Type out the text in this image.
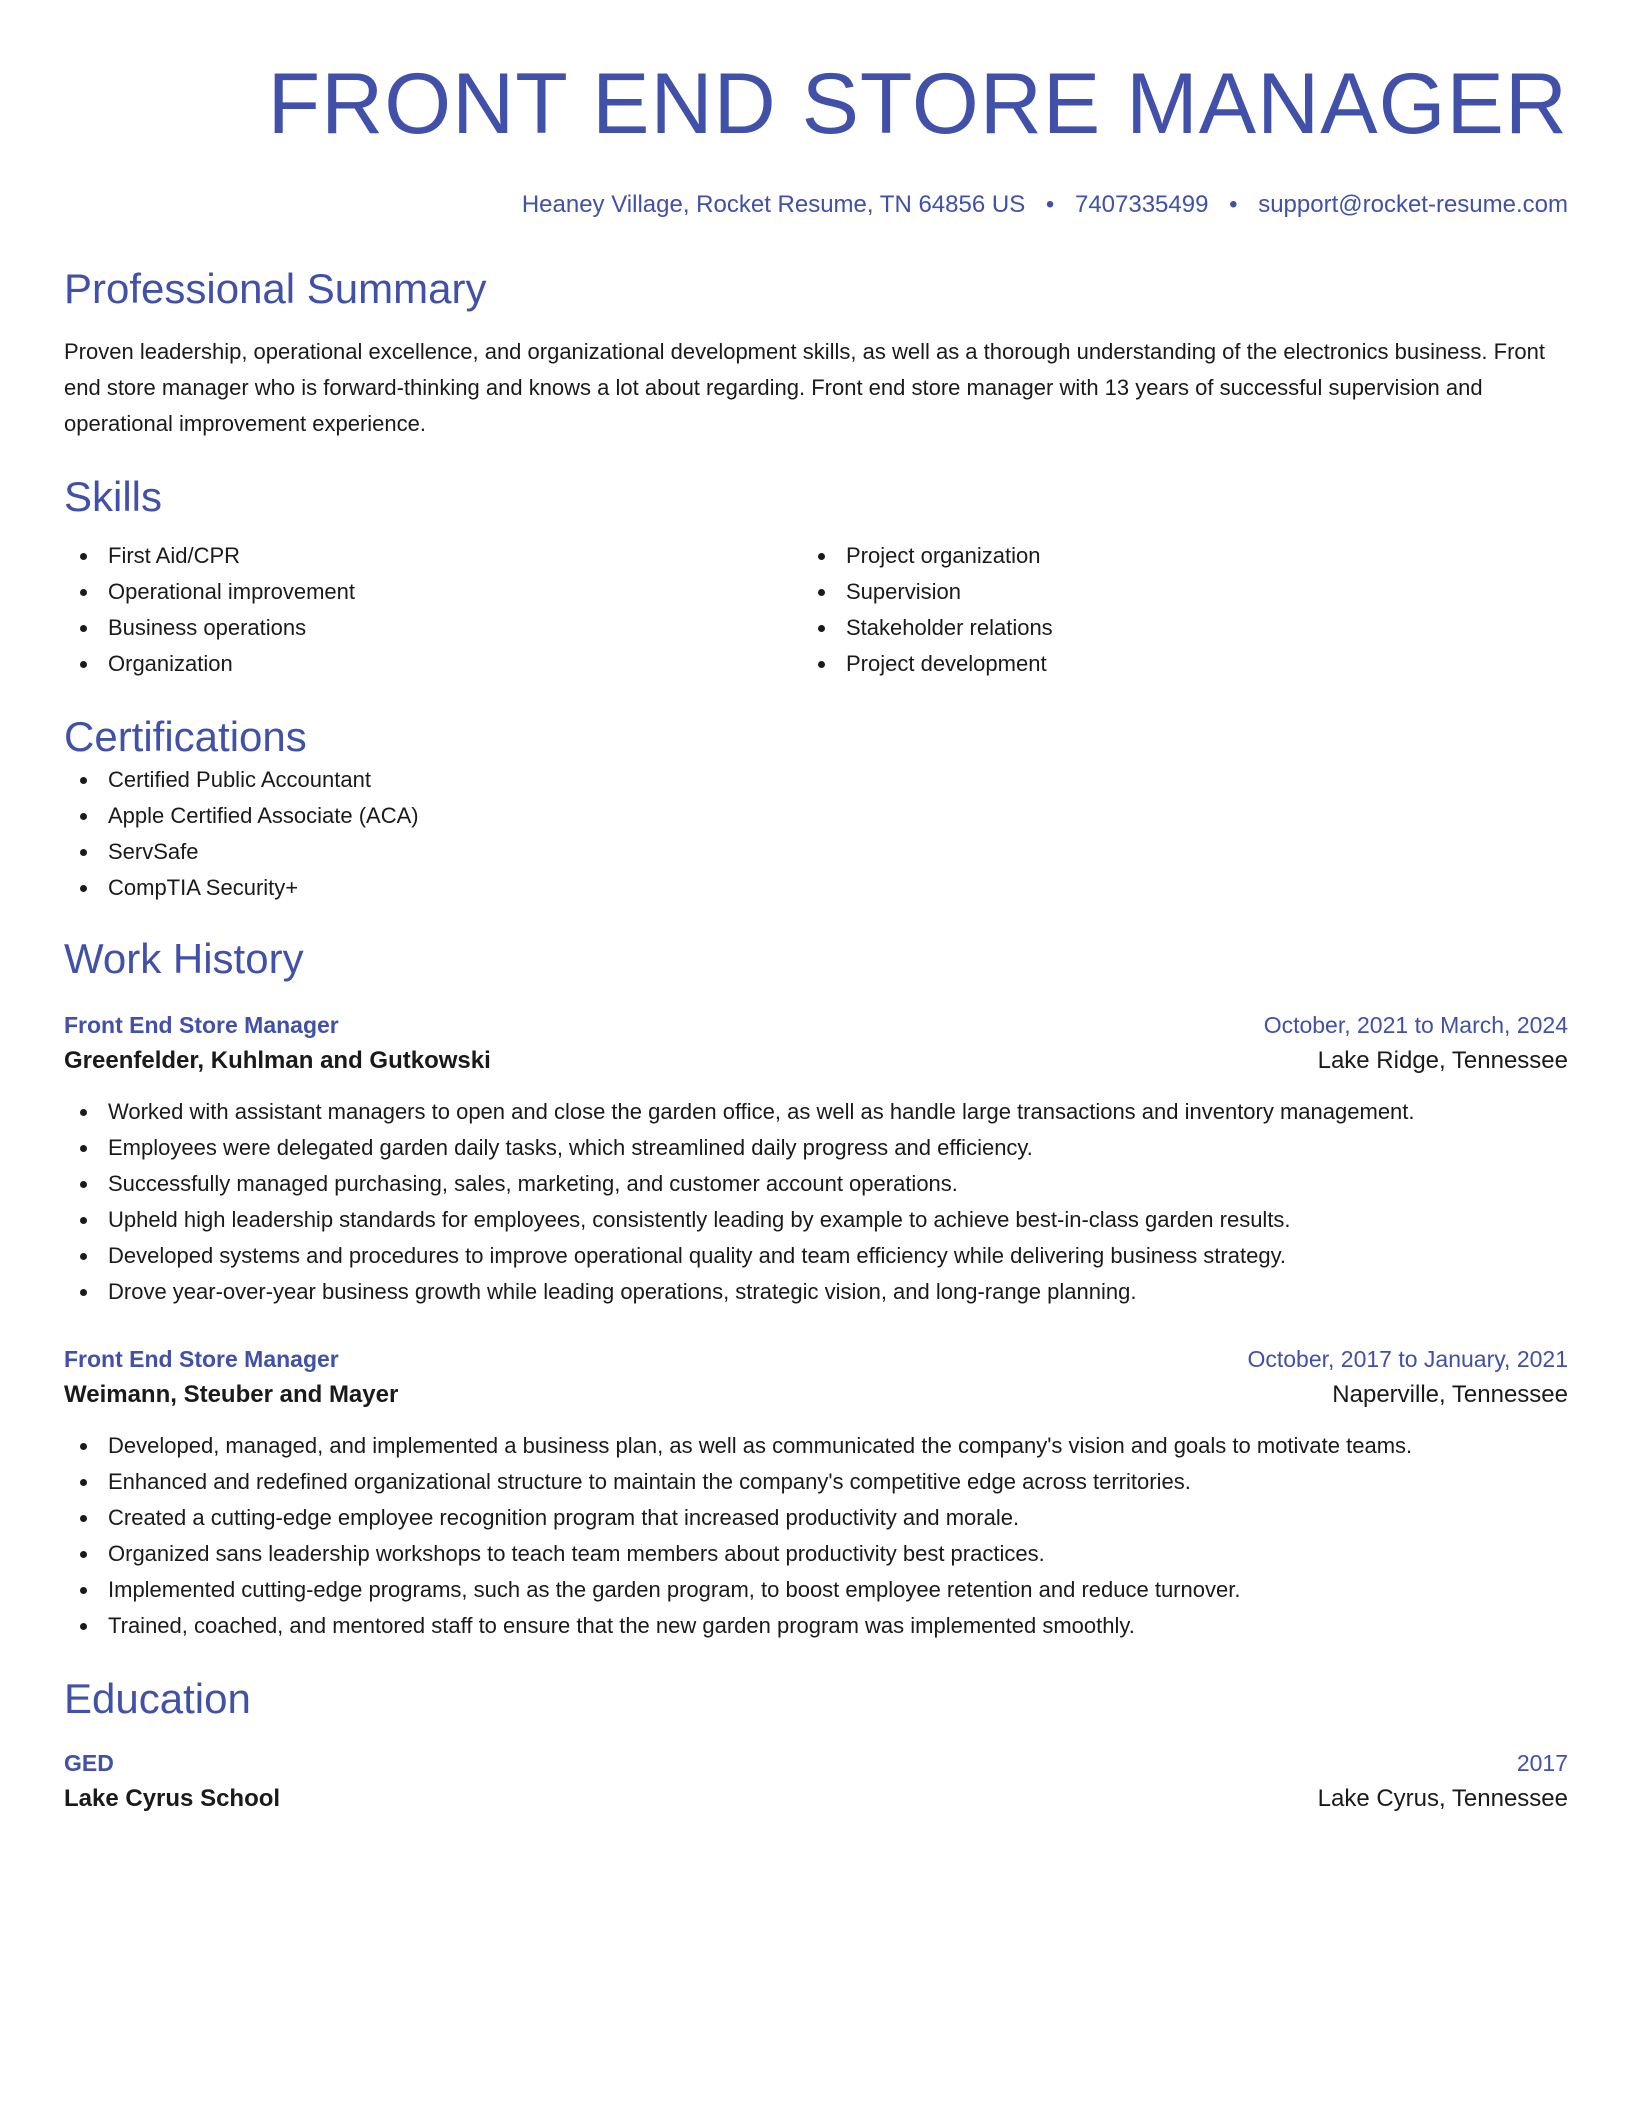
FRONT END STORE MANAGER
Heaney Village, Rocket Resume, TN 64856 US • 7407335499 • support@rocket-resume.com
Professional Summary

Proven leadership, operational excellence, and organizational development skills, as well as a thorough understanding of the electronics business. Front end store manager who is forward-thinking and knows a lot about regarding. Front end store manager with 13 years of successful supervision and operational improvement experience.

Skills
First Aid/CPR
Operational improvement
Business operations
Organization
Project organization
Supervision
Stakeholder relations
Project development
Certifications
Certified Public Accountant
Apple Certified Associate (ACA)
ServSafe
CompTIA Security+
Work History
Front End Store Manager	October, 2021 to March, 2024
Greenfelder, Kuhlman and Gutkowski	Lake Ridge, Tennessee
Worked with assistant managers to open and close the garden office, as well as handle large transactions and inventory management.
Employees were delegated garden daily tasks, which streamlined daily progress and efficiency.
Successfully managed purchasing, sales, marketing, and customer account operations.
Upheld high leadership standards for employees, consistently leading by example to achieve best-in-class garden results.
Developed systems and procedures to improve operational quality and team efficiency while delivering business strategy.
Drove year-over-year business growth while leading operations, strategic vision, and long-range planning.
Front End Store Manager	October, 2017 to January, 2021
Weimann, Steuber and Mayer	Naperville, Tennessee
Developed, managed, and implemented a business plan, as well as communicated the company's vision and goals to motivate teams.
Enhanced and redefined organizational structure to maintain the company's competitive edge across territories.
Created a cutting-edge employee recognition program that increased productivity and morale.
Organized sans leadership workshops to teach team members about productivity best practices.
Implemented cutting-edge programs, such as the garden program, to boost employee retention and reduce turnover.
Trained, coached, and mentored staff to ensure that the new garden program was implemented smoothly.
Education
GED	2017
Lake Cyrus School	Lake Cyrus, Tennessee
